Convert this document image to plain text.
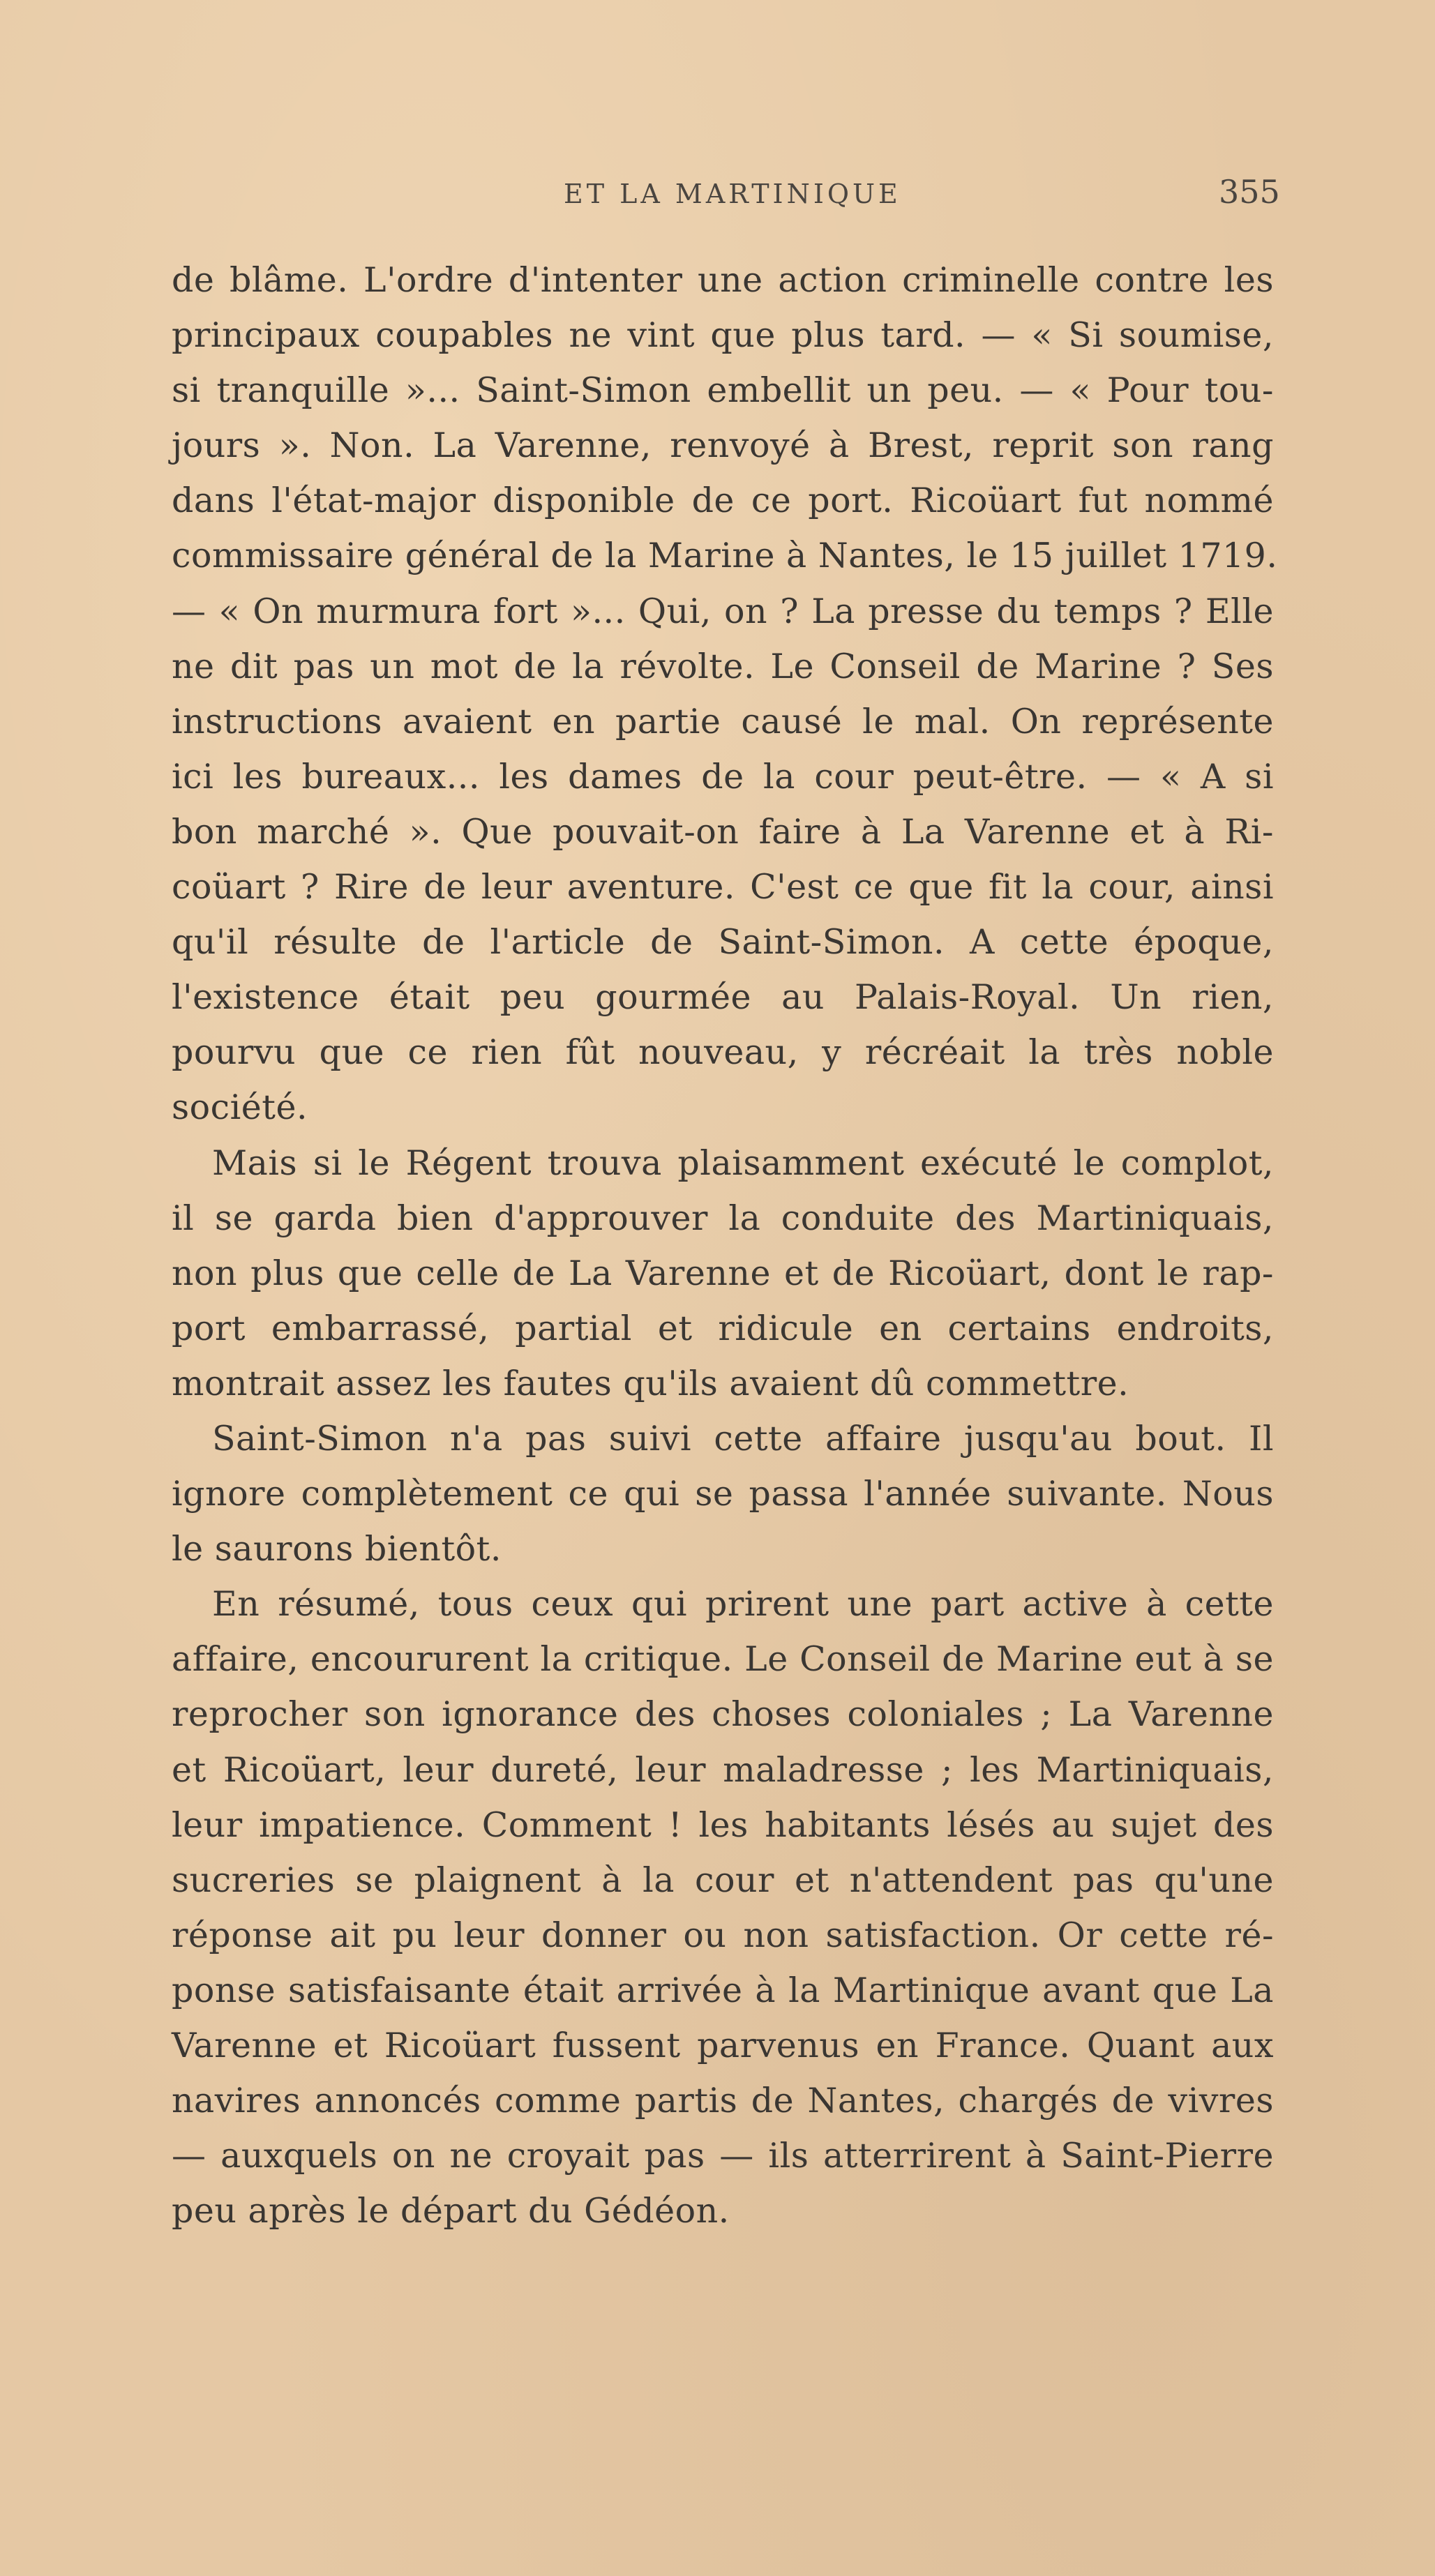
ET LA MARTINIQUE	355
de blâme. L'ordre d'intenter une action criminelle contre les
principaux coupables ne vint que plus tard. — « Si soumise,
si tranquille »... Saint-Simon embellit un peu. — « Pour tou-
jours ». Non. La Varenne, renvoyé à Brest, reprit son rang
dans l'état-major disponible de ce port. Ricoüart fut nommé
commissaire général de la Marine à Nantes, le 15 juillet 1719.
— « On murmura fort »... Qui, on ? La presse du temps ? Elle
ne dit pas un mot de la révolte. Le Conseil de Marine ? Ses
instructions avaient en partie causé le mal. On représente
ici les bureaux... les dames de la cour peut-être. — « A si
bon marché ». Que pouvait-on faire à La Varenne et à Ri-
coüart ? Rire de leur aventure. C'est ce que fit la cour, ainsi
qu'il résulte de l'article de Saint-Simon. A cette époque,
l'existence était peu gourmée au Palais-Royal. Un rien,
pourvu que ce rien fût nouveau, y récréait la très noble
société.
Mais si le Régent trouva plaisamment exécuté le complot,
il se garda bien d'approuver la conduite des Martiniquais,
non plus que celle de La Varenne et de Ricoüart, dont le rap-
port embarrassé, partial et ridicule en certains endroits,
montrait assez les fautes qu'ils avaient dû commettre.
Saint-Simon n'a pas suivi cette affaire jusqu'au bout. Il
ignore complètement ce qui se passa l'année suivante. Nous
le saurons bientôt.
En résumé, tous ceux qui prirent une part active à cette
affaire, encoururent la critique. Le Conseil de Marine eut à se
reprocher son ignorance des choses coloniales ; La Varenne
et Ricoüart, leur dureté, leur maladresse ; les Martiniquais,
leur impatience. Comment ! les habitants lésés au sujet des
sucreries se plaignent à la cour et n'attendent pas qu'une
réponse ait pu leur donner ou non satisfaction. Or cette ré-
ponse satisfaisante était arrivée à la Martinique avant que La
Varenne et Ricoüart fussent parvenus en France. Quant aux
navires annoncés comme partis de Nantes, chargés de vivres
— auxquels on ne croyait pas — ils atterrirent à Saint-Pierre
peu après le départ du Gédéon.
